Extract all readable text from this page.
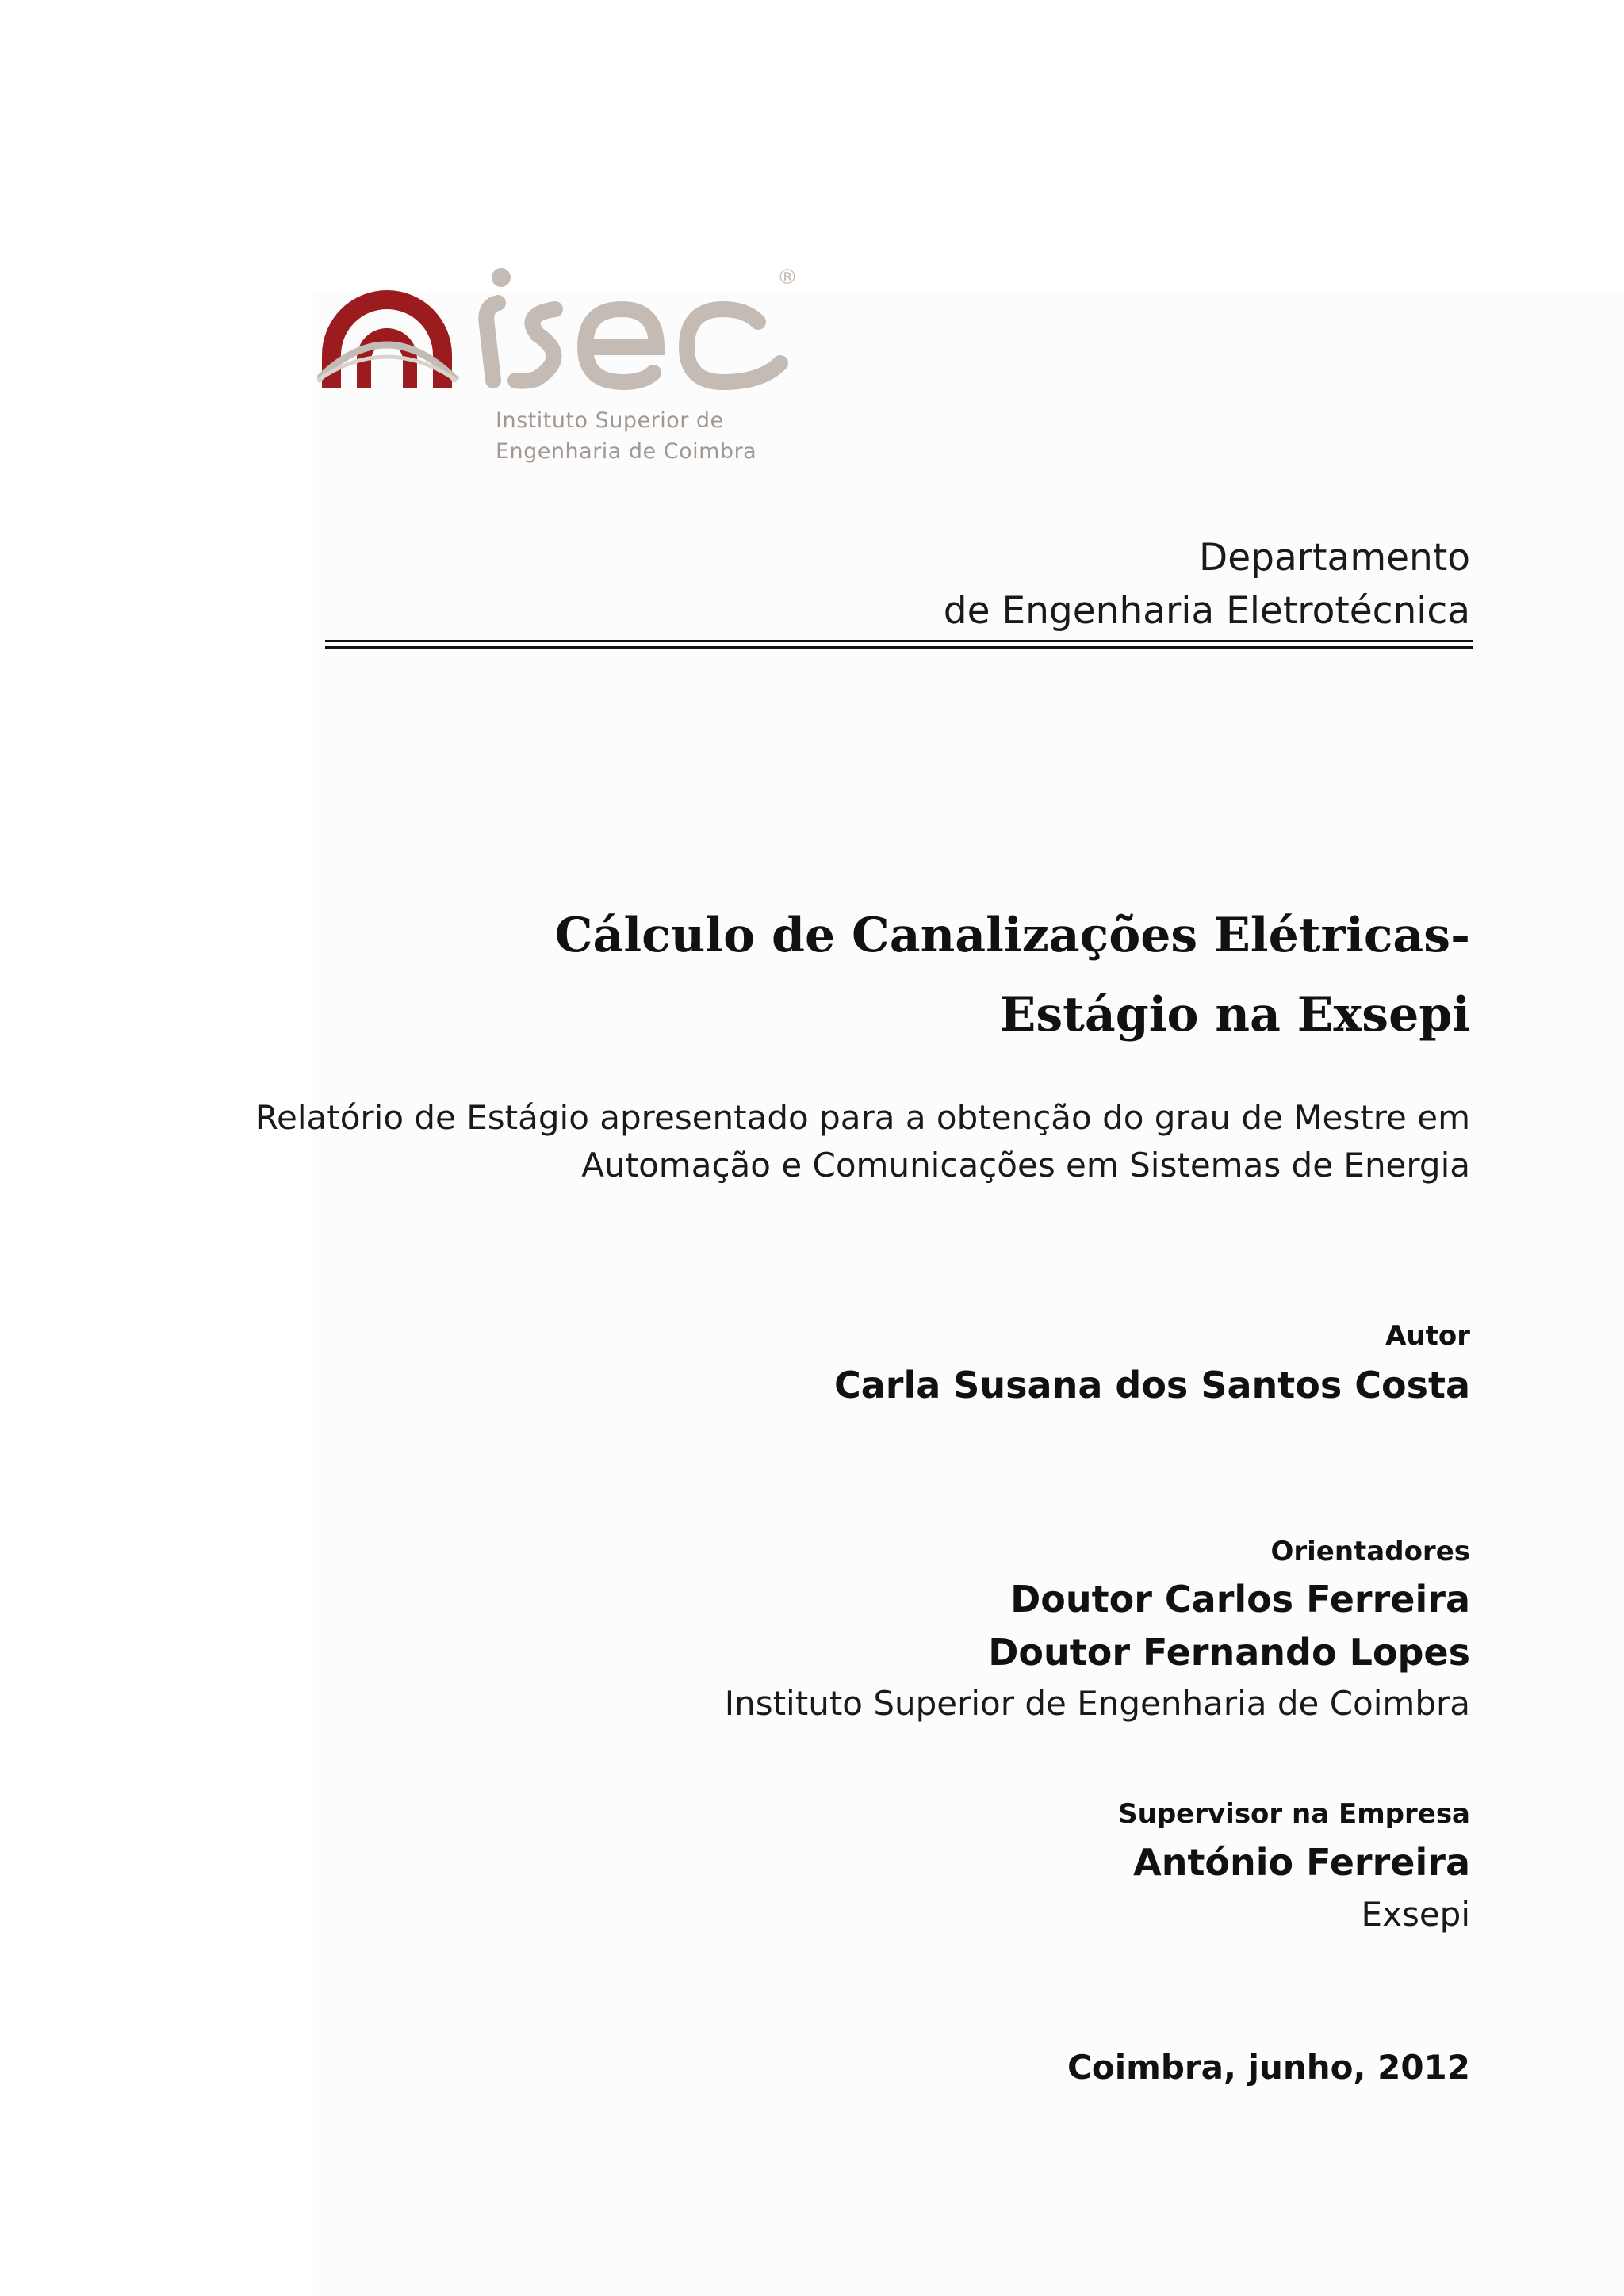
®
Instituto Superior de
Engenharia de Coimbra
Departamento
de Engenharia Eletrotécnica
Cálculo de Canalizações Elétricas-
Estágio na Exsepi
Relatório de Estágio apresentado para a obtenção do grau de Mestre em
Automação e Comunicações em Sistemas de Energia
Autor
Carla Susana dos Santos Costa
Orientadores
Doutor Carlos Ferreira
Doutor Fernando Lopes
Instituto Superior de Engenharia de Coimbra
Supervisor na Empresa
António Ferreira
Exsepi
Coimbra, junho, 2012
